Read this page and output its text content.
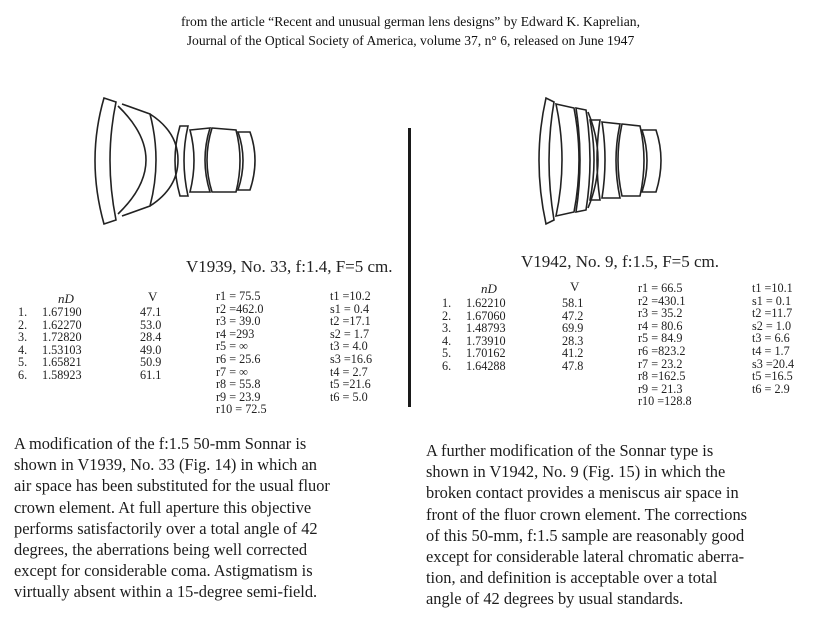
from the article “Recent and unusual german lens designs” by Edward K. Kaprelian,
Journal of the Optical Society of America, volume 37, n° 6, released on June 1947
V1939, No. 33, f:1.4, F=5 cm.
nD	V
1.
2.
3.
4.
5.
6.
1.67190
1.62270
1.72820
1.53103
1.65821
1.58923
47.1
53.0
28.4
49.0
50.9
61.1
r1 = 75.5
r2 =462.0
r3 = 39.0
r4 =293
r5 = ∞
r6 = 25.6
r7 = ∞
r8 = 55.8
r9 = 23.9
r10 = 72.5
t1 =10.2
s1 = 0.4
t2 =17.1
s2 = 1.7
t3 = 4.0
s3 =16.6
t4 = 2.7
t5 =21.6
t6 = 5.0
V1942, No. 9, f:1.5, F=5 cm.
nD	V
1.
2.
3.
4.
5.
6.
1.62210
1.67060
1.48793
1.73910
1.70162
1.64288
58.1
47.2
69.9
28.3
41.2
47.8
r1 = 66.5
r2 =430.1
r3 = 35.2
r4 = 80.6
r5 = 84.9
r6 =823.2
r7 = 23.2
r8 =162.5
r9 = 21.3
r10 =128.8
t1 =10.1
s1 = 0.1
t2 =11.7
s2 = 1.0
t3 = 6.6
t4 = 1.7
s3 =20.4
t5 =16.5
t6 = 2.9
A modification of the f:1.5 50-mm Sonnar is
shown in V1939, No. 33 (Fig. 14) in which an
air space has been substituted for the usual fluor
crown element. At full aperture this objective
performs satisfactorily over a total angle of 42
degrees, the aberrations being well corrected
except for considerable coma. Astigmatism is
virtually absent within a 15-degree semi-field.
A further modification of the Sonnar type is
shown in V1942, No. 9 (Fig. 15) in which the
broken contact provides a meniscus air space in
front of the fluor crown element. The corrections
of this 50-mm, f:1.5 sample are reasonably good
except for considerable lateral chromatic aberra-
tion, and definition is acceptable over a total
angle of 42 degrees by usual standards.
